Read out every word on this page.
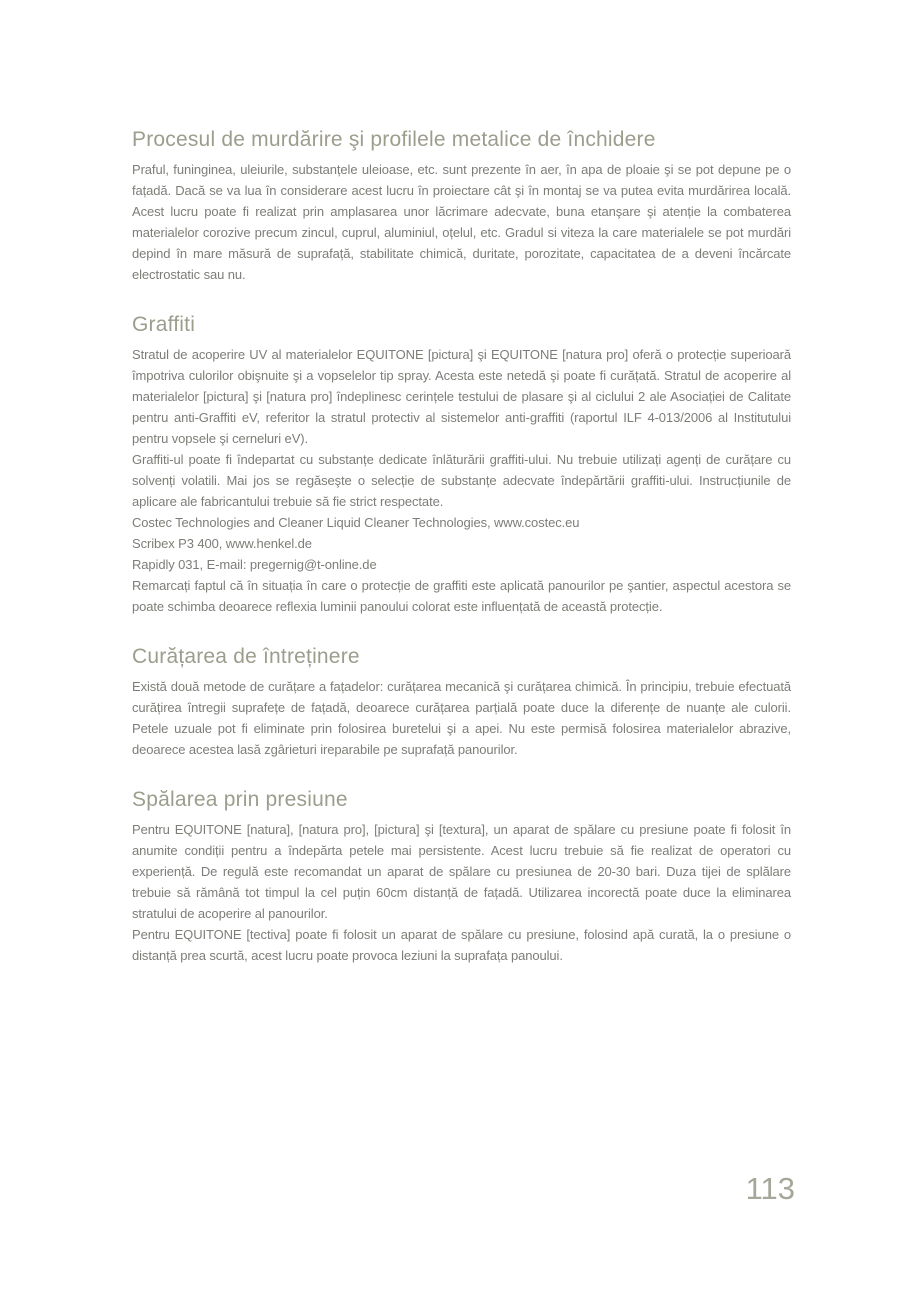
Procesul de murdărire şi profilele metalice de închidere

Praful, funinginea, uleiurile, substanțele uleioase, etc. sunt prezente în aer, în apa de ploaie şi se pot depune pe o fațadă. Dacă se va lua în considerare acest lucru în proiectare cât şi în montaj se va putea evita murdărirea locală. Acest lucru poate fi realizat prin amplasarea unor lăcrimare adecvate, buna etanşare şi atenție la combaterea materialelor corozive precum zincul, cuprul, aluminiul, oțelul, etc. Gradul si viteza la care materialele se pot murdări depind în mare măsură de suprafață, stabilitate chimică, duritate, porozitate, capacitatea de a deveni încărcate electrostatic sau nu.

Graffiti

Stratul de acoperire UV al materialelor EQUITONE [pictura] şi EQUITONE [natura pro] oferă o protecție superioară împotriva culorilor obişnuite şi a vopselelor tip spray. Acesta este netedă şi poate fi curățată. Stratul de acoperire al materialelor [pictura] şi [natura pro] îndeplinesc cerințele testului de plasare şi al ciclului 2 ale Asociației de Calitate pentru anti-Graffiti eV, referitor la stratul protectiv al sistemelor anti-graffiti (raportul ILF 4-013/2006 al Institutului pentru vopsele şi cerneluri eV).

Graffiti-ul poate fi îndepartat cu substanțe dedicate înlăturării graffiti-ului. Nu trebuie utilizați agenți de curățare cu solvenți volatili. Mai jos se regăseşte o selecție de substanțe adecvate îndepărtării graffiti-ului. Instrucțiunile de aplicare ale fabricantului trebuie să fie strict respectate.

Costec Technologies and Cleaner Liquid Cleaner Technologies, www.costec.eu

Scribex P3 400, www.henkel.de

Rapidly 031, E-mail: pregernig@t-online.de

Remarcați faptul că în situația în care o protecție de graffiti este aplicată panourilor pe şantier, aspectul acestora se poate schimba deoarece reflexia luminii panoului colorat este influențată de această protecție.

Curățarea de întreținere

Există două metode de curățare a fațadelor: curățarea mecanică şi curățarea chimică. În principiu, trebuie efectuată curățirea întregii suprafețe de fațadă, deoarece curățarea parțială poate duce la diferențe de nuanțe ale culorii. Petele uzuale pot fi eliminate prin folosirea buretelui şi a apei. Nu este permisă folosirea materialelor abrazive, deoarece acestea lasă zgârieturi ireparabile pe suprafață panourilor.

Spălarea prin presiune

Pentru EQUITONE [natura], [natura pro], [pictura] şi [textura], un aparat de spălare cu presiune poate fi folosit în anumite condiții pentru a îndepărta petele mai persistente. Acest lucru trebuie să fie realizat de operatori cu experiență. De regulă este recomandat un aparat de spălare cu presiunea de 20-30 bari. Duza tijei de splălare trebuie să rămână tot timpul la cel puțin 60cm distanță de fațadă. Utilizarea incorectă poate duce la eliminarea stratului de acoperire al panourilor.

Pentru EQUITONE [tectiva] poate fi folosit un aparat de spălare cu presiune, folosind apă curată, la o presiune o distanță prea scurtă, acest lucru poate provoca leziuni la suprafața panoului.

113
